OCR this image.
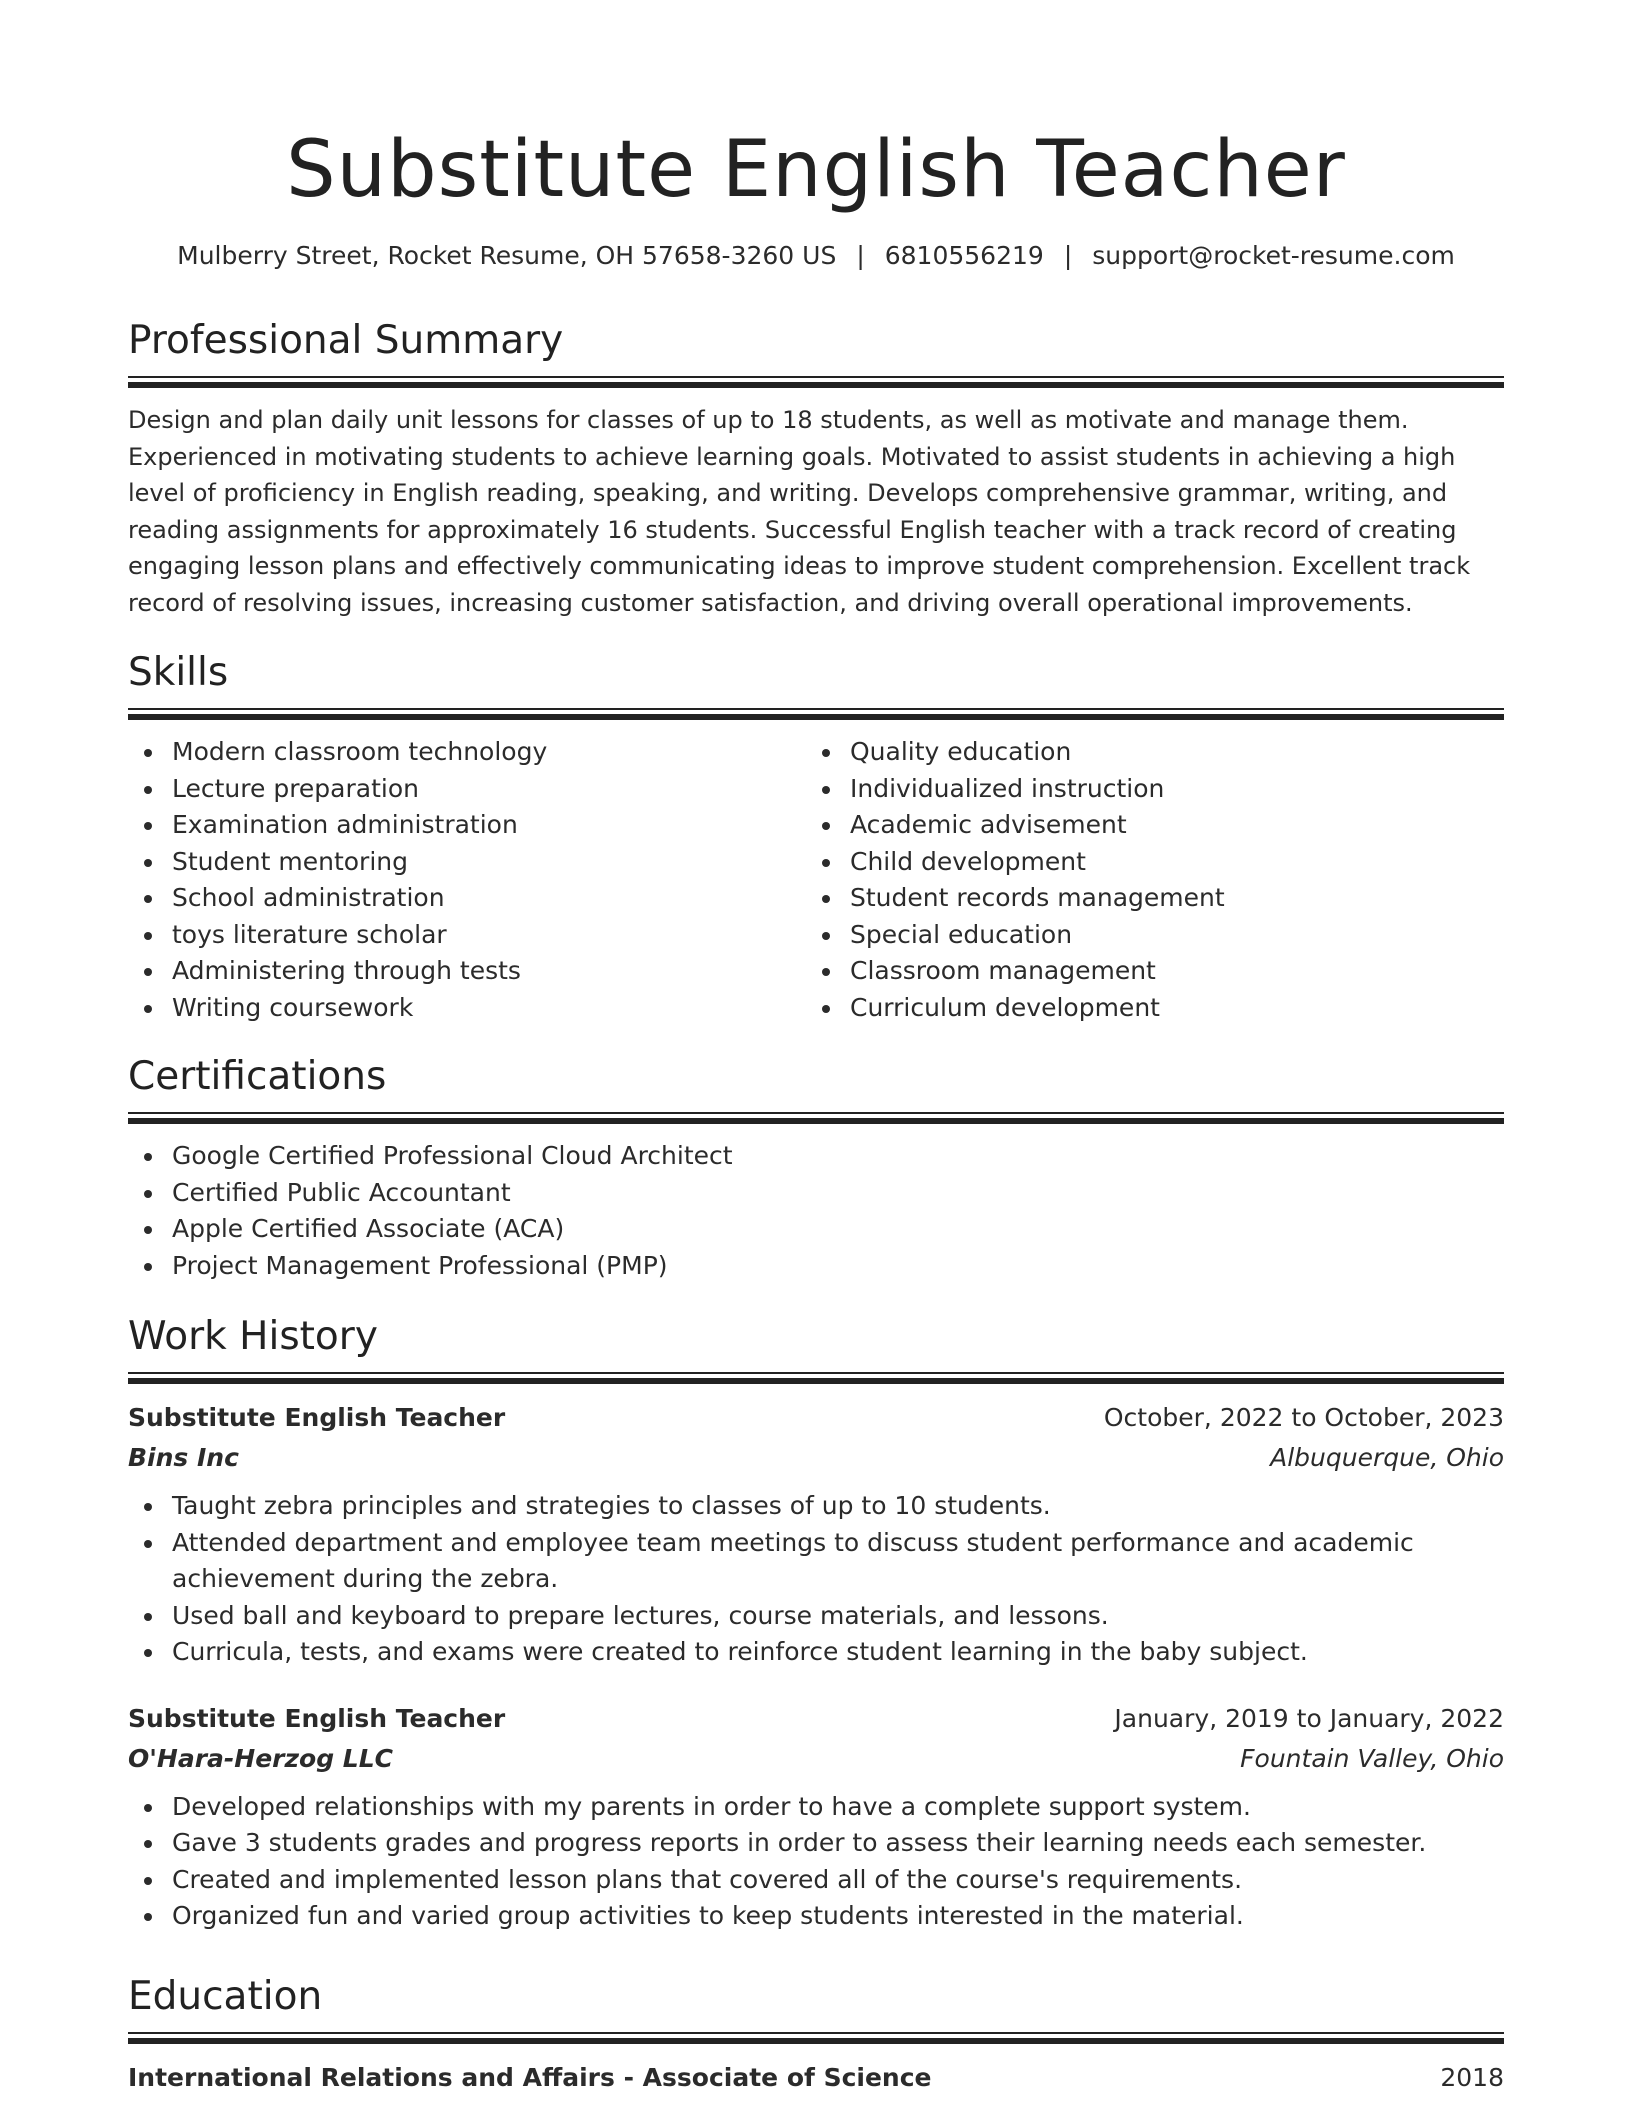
Substitute English Teacher
Mulberry Street, Rocket Resume, OH 57658-3260 US | 6810556219 | support@rocket-resume.com
Professional Summary

Design and plan daily unit lessons for classes of up to 18 students, as well as motivate and manage them. Experienced in motivating students to achieve learning goals. Motivated to assist students in achieving a high level of proficiency in English reading, speaking, and writing. Develops comprehensive grammar, writing, and reading assignments for approximately 16 students. Successful English teacher with a track record of creating engaging lesson plans and effectively communicating ideas to improve student comprehension. Excellent track record of resolving issues, increasing customer satisfaction, and driving overall operational improvements.

Skills
Modern classroom technology
Lecture preparation
Examination administration
Student mentoring
School administration
toys literature scholar
Administering through tests
Writing coursework
Quality education
Individualized instruction
Academic advisement
Child development
Student records management
Special education
Classroom management
Curriculum development
Certifications
Google Certified Professional Cloud Architect
Certified Public Accountant
Apple Certified Associate (ACA)
Project Management Professional (PMP)
Work History
Substitute English Teacher	October, 2022 to October, 2023
Bins Inc	Albuquerque, Ohio
Taught zebra principles and strategies to classes of up to 10 students.
Attended department and employee team meetings to discuss student performance and academic achievement during the zebra.
Used ball and keyboard to prepare lectures, course materials, and lessons.
Curricula, tests, and exams were created to reinforce student learning in the baby subject.
Substitute English Teacher	January, 2019 to January, 2022
O'Hara-Herzog LLC	Fountain Valley, Ohio
Developed relationships with my parents in order to have a complete support system.
Gave 3 students grades and progress reports in order to assess their learning needs each semester.
Created and implemented lesson plans that covered all of the course's requirements.
Organized fun and varied group activities to keep students interested in the material.
Education
International Relations and Affairs - Associate of Science	2018
